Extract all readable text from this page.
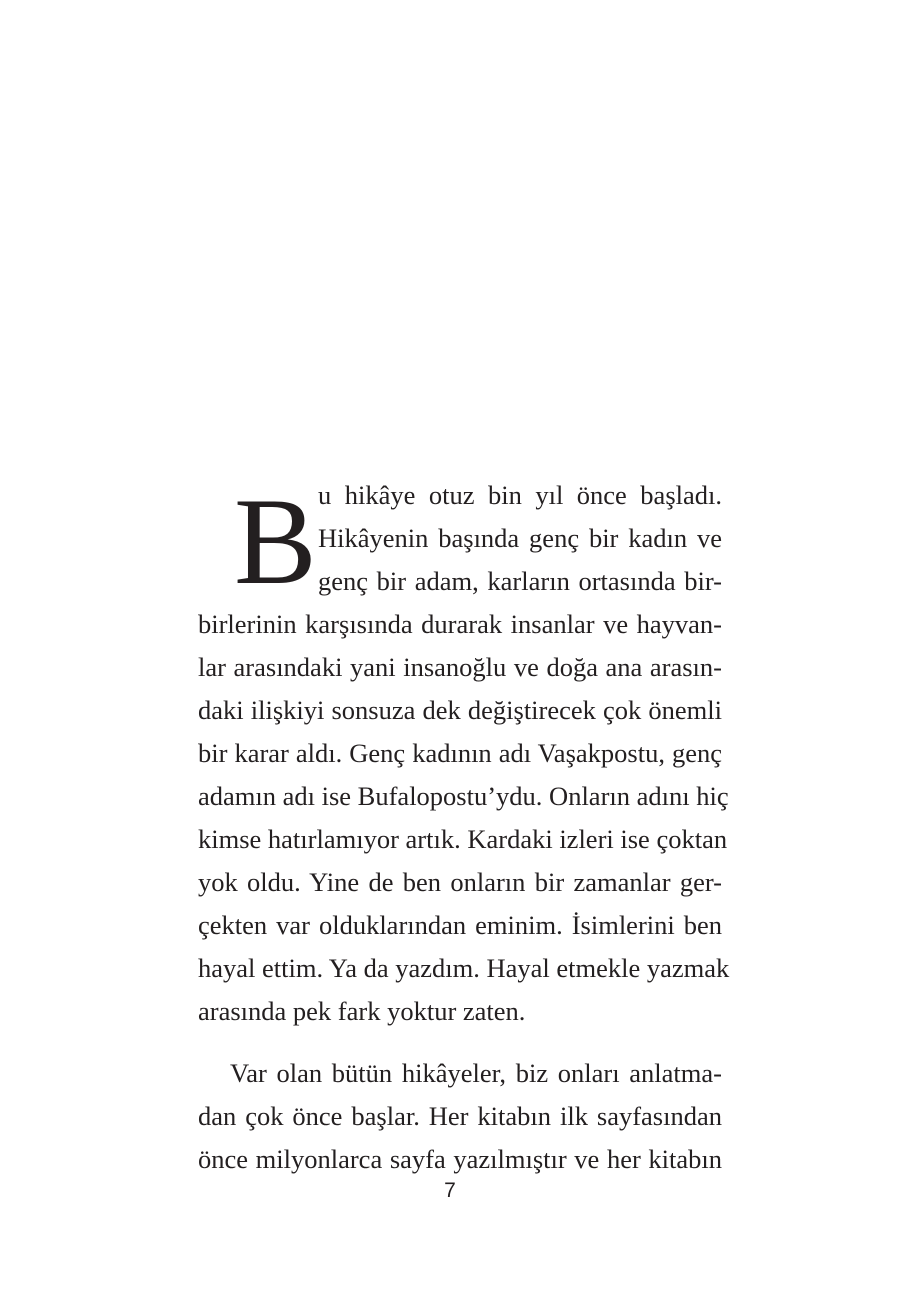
B u hikâye otuz bin yıl önce başladı.
Hikâyenin başında genç bir kadın ve
genç bir adam, karların ortasında bir-
birlerinin karşısında durarak insanlar ve hayvan-
lar arasındaki yani insanoğlu ve doğa ana arasın-
daki ilişkiyi sonsuza dek değiştirecek çok önemli
bir karar aldı. Genç kadının adı Vaşakpostu, genç
adamın adı ise Bufalopostu’ydu. Onların adını hiç
kimse hatırlamıyor artık. Kardaki izleri ise çoktan
yok oldu. Yine de ben onların bir zamanlar ger-
çekten var olduklarından eminim. İsimlerini ben
hayal ettim. Ya da yazdım. Hayal etmekle yazmak
arasında pek fark yoktur zaten.
Var olan bütün hikâyeler, biz onları anlatma-
dan çok önce başlar. Her kitabın ilk sayfasından
önce milyonlarca sayfa yazılmıştır ve her kitabın
7
